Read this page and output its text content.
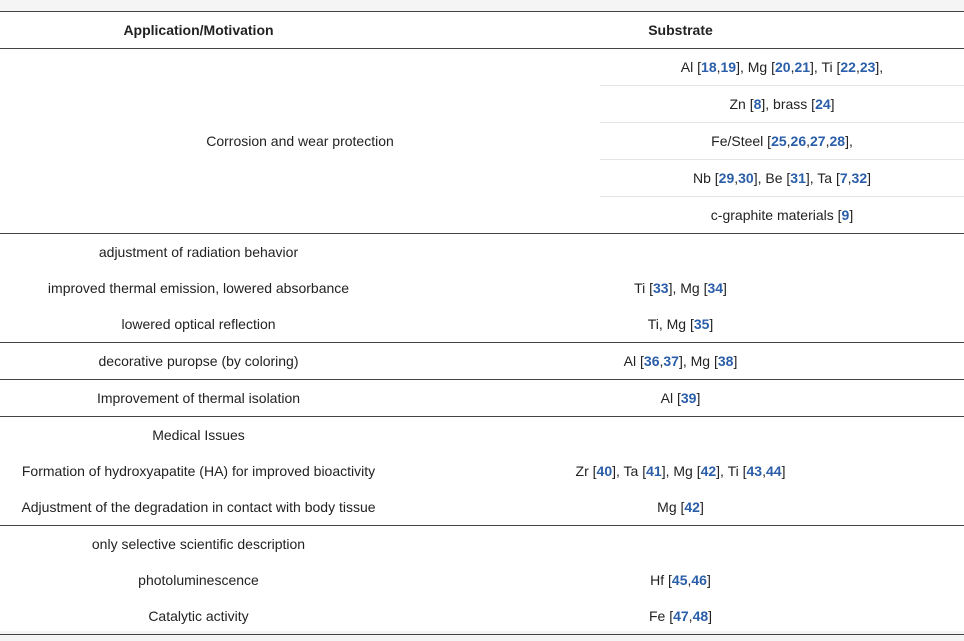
Application/Motivation	Substrate	
Corrosion and wear protection		Al [18,19], Mg [20,21], Ti [22,23],
		Zn [8], brass [24]
		Fe/Steel [25,26,27,28],
		Nb [29,30], Be [31], Ta [7,32]
		c-graphite materials [9]
adjustment of radiation behavior		
improved thermal emission, lowered absorbance	Ti [33], Mg [34]	
lowered optical reflection	Ti, Mg [35]	
decorative puropse (by coloring)	Al [36,37], Mg [38]	
Improvement of thermal isolation	Al [39]	
Medical Issues		
Formation of hydroxyapatite (HA) for improved bioactivity	Zr [40], Ta [41], Mg [42], Ti [43,44]	
Adjustment of the degradation in contact with body tissue	Mg [42]	
only selective scientific description		
photoluminescence	Hf [45,46]	
Catalytic activity	Fe [47,48]	
